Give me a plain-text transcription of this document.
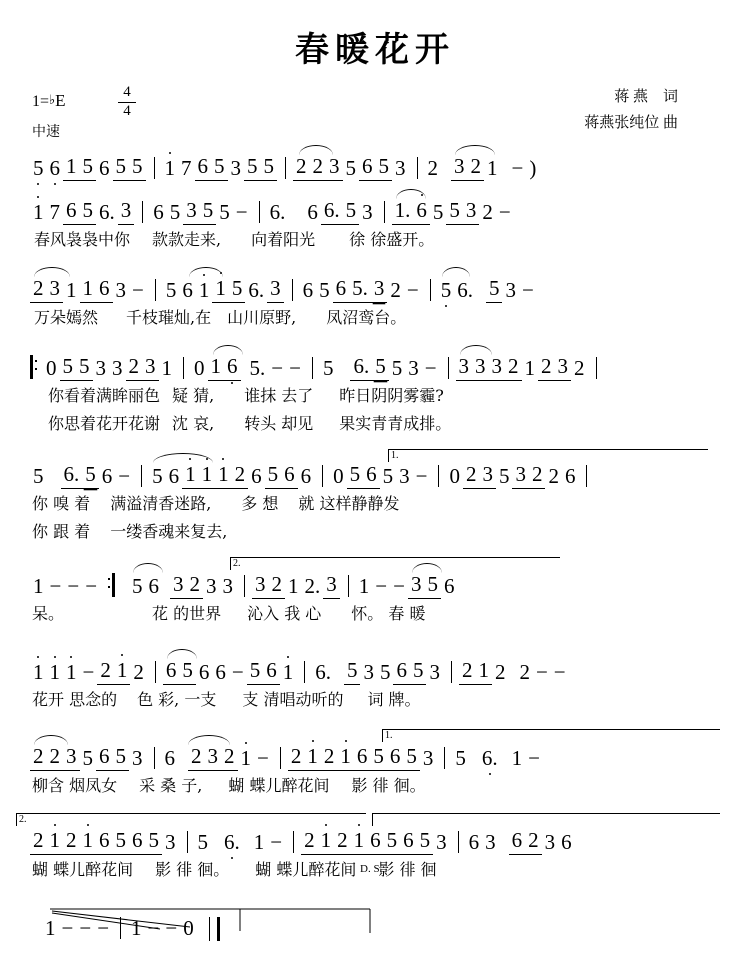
春暖花开
1=♭E	4
4
中速
蒋 燕　词
蒋燕张纯位 曲
5 6 1 5 6 5 5 1 7 6 5 3 5 5 2 2 3 5 6 5 3 2 3 2 1 − )
1 7 6 5 6. 3 6 5 3 5 5 − 6. 6 6. 5 3 1. 6 5 5 3 2 −
春风袅袅中你 款款走来, 向着阳光 徐 徐盛开。
2 3 1 1 6 3 − 5 6 1 1 5 6. 3 6 5 6 5. 3 2 − 5 6. 5 3 −
万朵嫣然 千枝璀灿,在 山川原野, 凤沼鸾台。
0 5 5 3 3 2 3 1 0 1 6 5. − − 5 6. 5 5 3 − 3 3 3 2 1 2 3 2
你看着满眸丽色 疑 猜, 谁抹 去了 昨日阴阴雾霾?
你思着花开花谢 沈 哀, 转头 却见 果实青青成排。
1.
5 6. 5 6 − 5 6 1 1 1 2 6 5 6 6 0 5 6 5 3 − 0 2 3 5 3 2 2 6
你 嗅 着 满溢清香迷路, 多 想 就 这样静静发
你 跟 着 一缕香魂来复去,
2.
1 − − − 5 6 3 2 3 3 3 2 1 2. 3 1 − − 3 5 6
呆。	花 的世界 沁入 我 心 怀。 春 暖
1 1 1 − 2 1 2 6 5 6 6 − 5 6 1 6. 5 3 5 6 5 3 2 1 2 2 − −
花开 思念的 色 彩, 一支 支 清唱动听的 词 牌。
1.
2 2 3 5 6 5 3 6 2 3 2 1 − 2 1 2 1 6 5 6 5 3 5 6. 1 −
柳含 烟凤女 采 桑 子, 蝴 蝶儿醉花间 影 徘 徊。
2.
2 1 2 1 6 5 6 5 3 5 6. 1 − 2 1 2 1 6 5 6 5 3 6 3 6 2 3 6
D. S.
蝴 蝶儿醉花间 影 徘 徊。 蝴 蝶儿醉花间 影 徘 徊
1 − − − 1 − − 0
